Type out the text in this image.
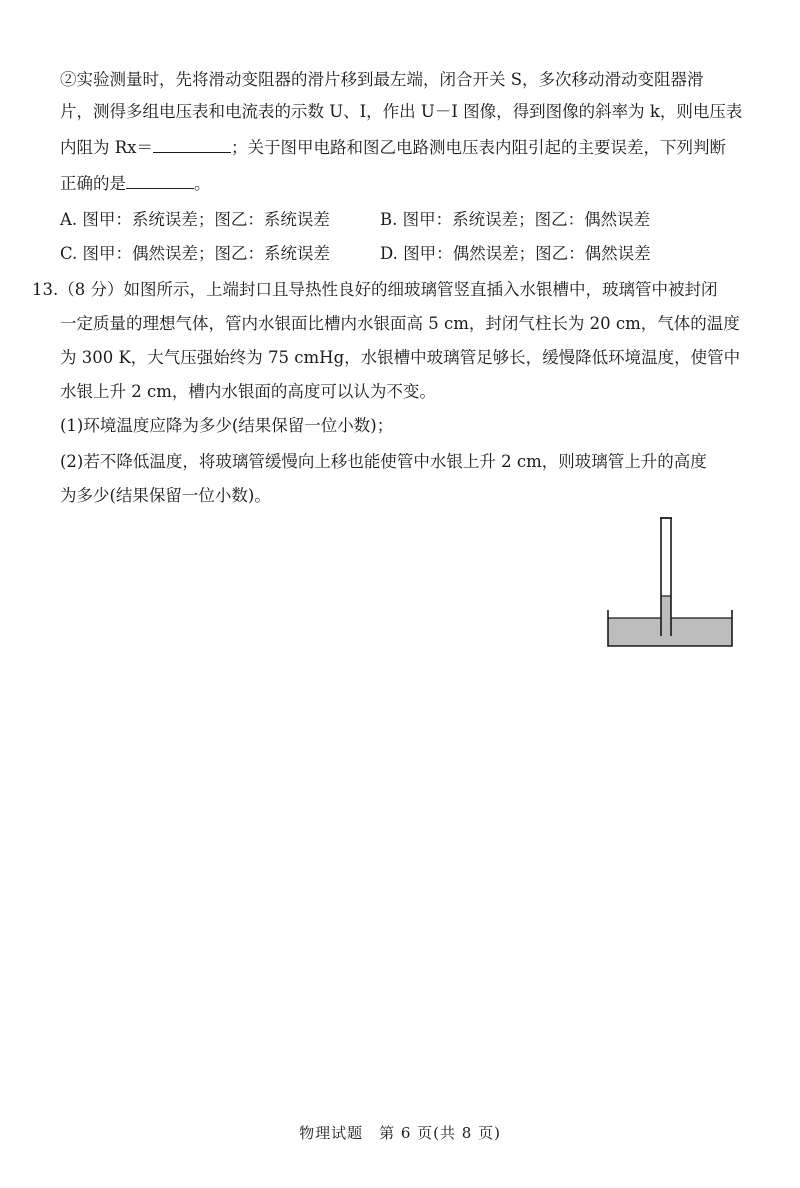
②实验测量时，先将滑动变阻器的滑片移到最左端，闭合开关 S，多次移动滑动变阻器滑
片，测得多组电压表和电流表的示数 U、I，作出 U－I 图像，得到图像的斜率为 k，则电压表
内阻为 Rx＝	；关于图甲电路和图乙电路测电压表内阻引起的主要误差，下列判断
正确的是	。
A. 图甲：系统误差；图乙：系统误差	B. 图甲：系统误差；图乙：偶然误差
C. 图甲：偶然误差；图乙：系统误差	D. 图甲：偶然误差；图乙：偶然误差
13.（8 分）如图所示，上端封口且导热性良好的细玻璃管竖直插入水银槽中，玻璃管中被封闭
一定质量的理想气体，管内水银面比槽内水银面高 5 cm，封闭气柱长为 20 cm，气体的温度
为 300 K，大气压强始终为 75 cmHg，水银槽中玻璃管足够长，缓慢降低环境温度，使管中
水银上升 2 cm，槽内水银面的高度可以认为不变。
(1)环境温度应降为多少(结果保留一位小数)；
(2)若不降低温度，将玻璃管缓慢向上移也能使管中水银上升 2 cm，则玻璃管上升的高度
为多少(结果保留一位小数)。
物理试题　第 6 页(共 8 页)
